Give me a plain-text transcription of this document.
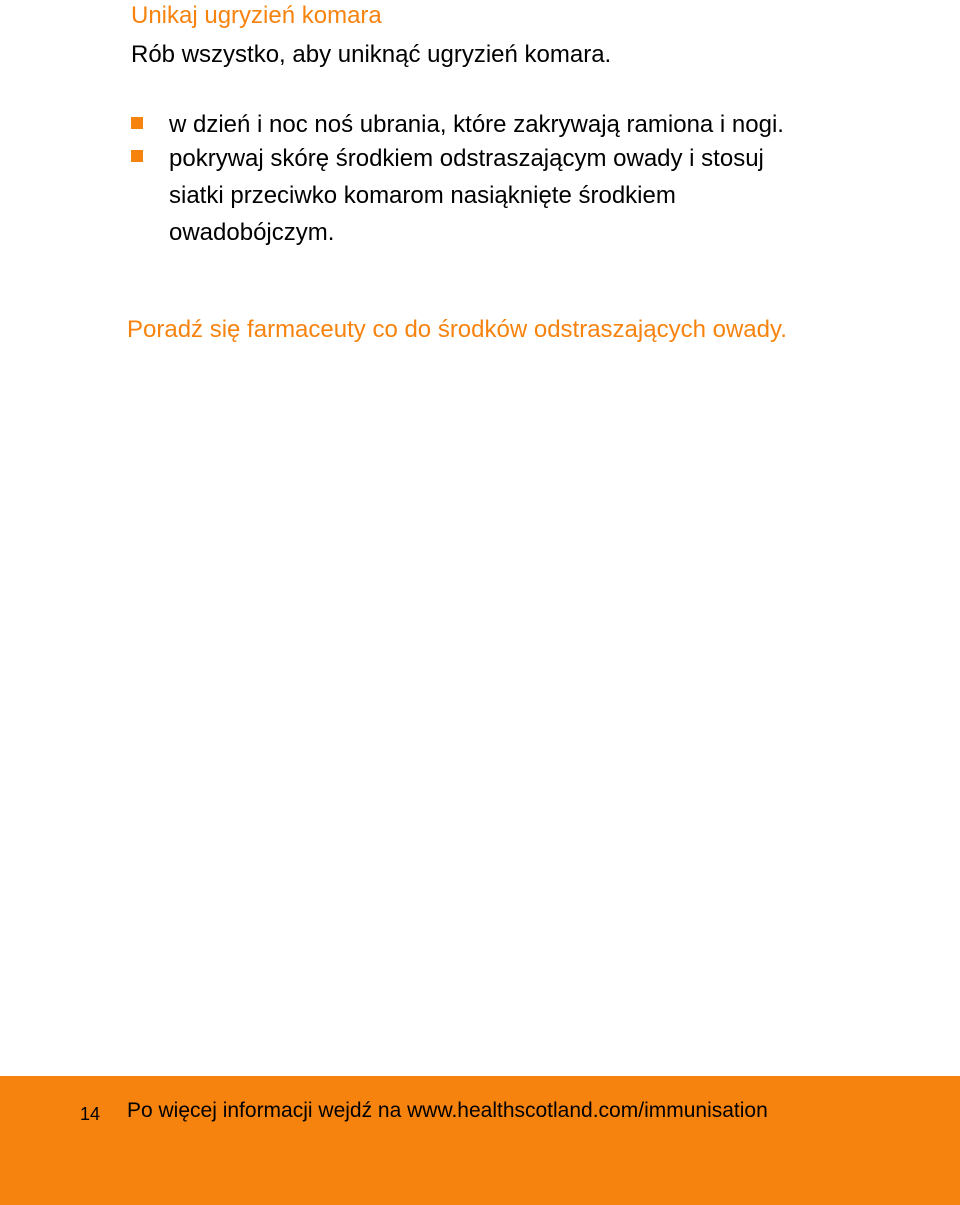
Unikaj ugryzień komara
Rób wszystko, aby uniknąć ugryzień komara.
w dzień i noc noś ubrania, które zakrywają ramiona i nogi.
pokrywaj skórę środkiem odstraszającym owady i stosuj siatki przeciwko komarom nasiąknięte środkiem owadobójczym.
Poradź się farmaceuty co do środków odstraszających owady.
14 Po więcej informacji wejdź na www.healthscotland.com/immunisation
